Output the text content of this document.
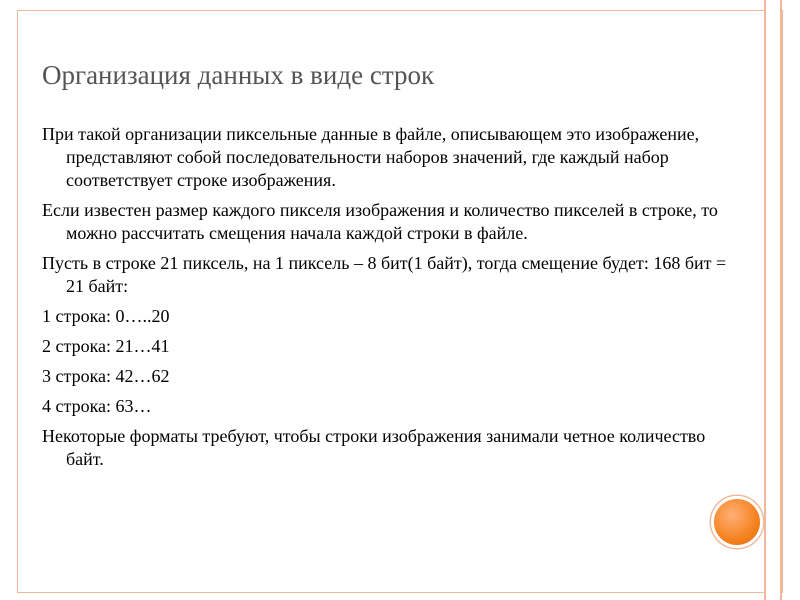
Организация данных в виде строк
При такой организации пиксельные данные в файле, описывающем это изображение, представляют собой последовательности наборов значений, где каждый набор соответствует строке изображения.
Если известен размер каждого пикселя изображения и количество пикселей в строке, то можно рассчитать смещения начала каждой строки в файле.
Пусть в строке 21 пиксель, на 1 пиксель – 8 бит(1 байт), тогда смещение будет: 168 бит = 21 байт:
1 строка: 0…..20
2 строка: 21…41
3 строка: 42…62
4 строка: 63…
Некоторые форматы требуют, чтобы строки изображения занимали четное количество байт.
